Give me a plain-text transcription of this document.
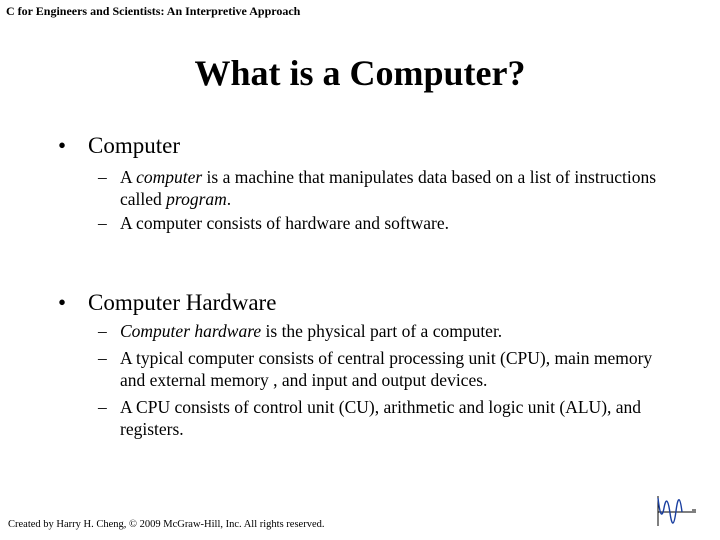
C for Engineers and Scientists: An Interpretive Approach
What is a Computer?
• Computer
– A computer is a machine that manipulates data based on a list of instructions called program.
– A computer consists of hardware and software.
• Computer Hardware
– Computer hardware is the physical part of a computer.
– A typical computer consists of central processing unit (CPU), main memory and external memory , and input and output devices.
– A CPU consists of control unit (CU), arithmetic and logic unit (ALU), and registers.
Created by Harry H. Cheng, © 2009 McGraw-Hill, Inc. All rights reserved.
